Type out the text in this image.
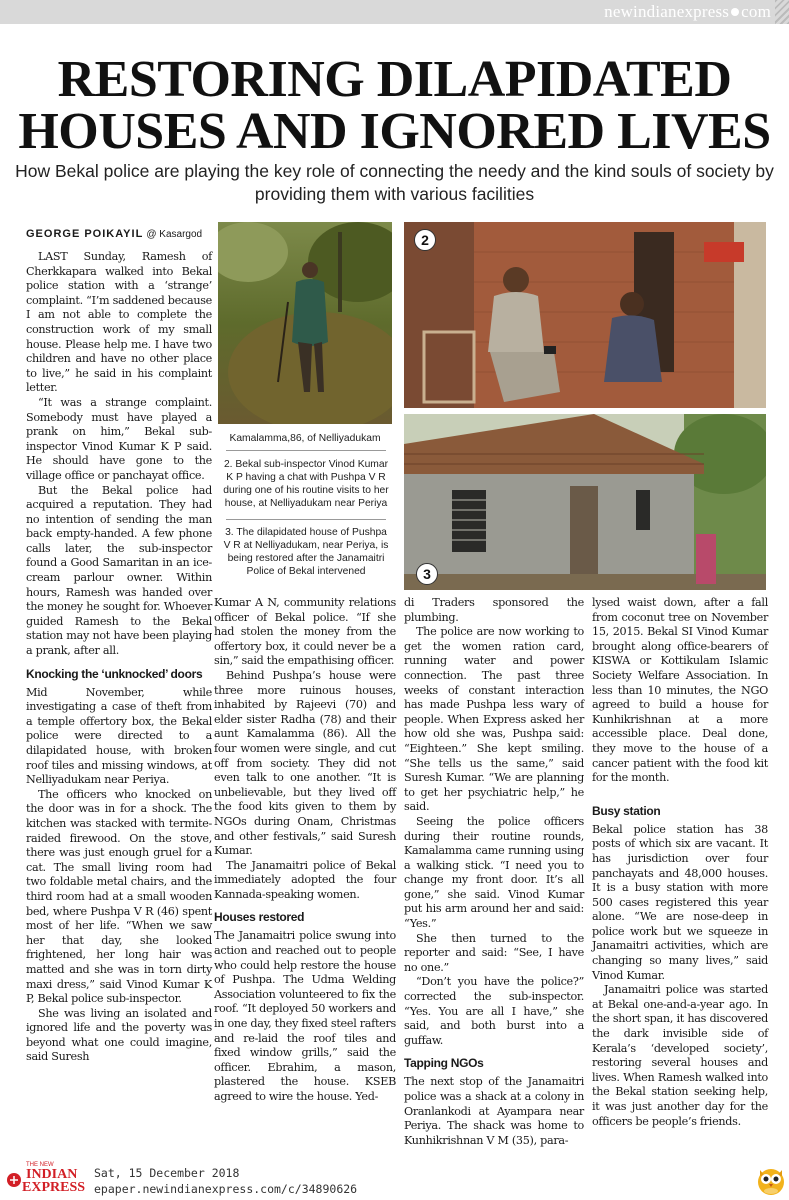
newindianexpress com
RESTORING DILAPIDATED
HOUSES AND IGNORED LIVES
How Bekal police are playing the key role of connecting the needy and the kind souls of society by providing them with various facilities
GEORGE POIKAYIL @ Kasargod

LAST Sunday, Ramesh of Cherkkapara walked into Bekal police station with a ‘strange’ complaint. “I’m saddened because I am not able to complete the construction work of my small house. Please help me. I have two children and have no other place to live,” he said in his complaint letter.

“It was a strange complaint. Somebody must have played a prank on him,” Bekal sub-inspector Vinod Kumar K P said. He should have gone to the village office or panchayat office.

But the Bekal police had acquired a reputation. They had no intention of sending the man back empty-handed. A few phone calls later, the sub-inspector found a Good Samaritan in an ice-cream parlour owner. Within hours, Ramesh was handed over the money he sought for. Whoever guided Ramesh to the Bekal station may not have been playing a prank, after all.

Knocking the ‘unknocked’ doors

Mid November, while investigating a case of theft from a temple offertory box, the Bekal police were directed to a dilapidated house, with broken roof tiles and missing windows, at Nelliyadukam near Periya.

The officers who knocked on the door was in for a shock. The kitchen was stacked with termite-raided firewood. On the stove, there was just enough gruel for a cat. The small living room had two foldable metal chairs, and the third room had at a small wooden bed, where Pushpa V R (46) spent most of her life. “When we saw her that day, she looked frightened, her long hair was matted and she was in torn dirty maxi dress,” said Vinod Kumar K P, Bekal police sub-inspector.

She was living an isolated and ignored life and the poverty was beyond what one could imagine, said Suresh

Kamalamma,86, of Nelliyadukam
2. Bekal sub-inspector Vinod Kumar K P having a chat with Pushpa V R during one of his routine visits to her house, at Nelliyadukam near Periya
3. The dilapidated house of Pushpa V R at Nelliyadukam, near Periya, is being restored after the Janamaitri Police of Bekal intervened
2
3

Kumar A N, community relations officer of Bekal police. “If she had stolen the money from the offertory box, it could never be a sin,” said the empathising officer.

Behind Pushpa’s house were three more ruinous houses, inhabited by Rajeevi (70) and elder sister Radha (78) and their aunt Kamalamma (86). All the four women were single, and cut off from society. They did not even talk to one another. “It is unbelievable, but they lived off the food kits given to them by NGOs during Onam, Christmas and other festivals,” said Suresh Kumar.

The Janamaitri police of Bekal immediately adopted the four Kannada-speaking women.

Houses restored

The Janamaitri police swung into action and reached out to people who could help restore the house of Pushpa. The Udma Welding Association volunteered to fix the roof. “It deployed 50 workers and in one day, they fixed steel rafters and re-laid the roof tiles and fixed window grills,” said the officer. Ebrahim, a mason, plastered the house. KSEB agreed to wire the house. Yed-

di Traders sponsored the plumbing.

The police are now working to get the women ration card, running water and power connection. The past three weeks of constant interaction has made Pushpa less wary of people. When Express asked her how old she was, Pushpa said: “Eighteen.” She kept smiling. “She tells us the same,” said Suresh Kumar. “We are planning to get her psychiatric help,” he said.

Seeing the police officers during their routine rounds, Kamalamma came running using a walking stick. “I need you to change my front door. It’s all gone,” she said. Vinod Kumar put his arm around her and said: “Yes.”

She then turned to the reporter and said: “See, I have no one.”

“Don’t you have the police?” corrected the sub-inspector. “Yes. You are all I have,” she said, and both burst into a guffaw.

Tapping NGOs

The next stop of the Janamaitri police was a shack at a colony in Oranlankodi at Ayampara near Periya. The shack was home to Kunhikrishnan V M (35), para-

lysed waist down, after a fall from coconut tree on November 15, 2015. Bekal SI Vinod Kumar brought along office-bearers of KISWA or Kottikulam Islamic Society Welfare Association. In less than 10 minutes, the NGO agreed to build a house for Kunhikrishnan at a more accessible place. Deal done, they move to the house of a cancer patient with the food kit for the month.

Busy station

Bekal police station has 38 posts of which six are vacant. It has jurisdiction over four panchayats and 48,000 houses. It is a busy station with more 500 cases registered this year alone. “We are nose-deep in police work but we squeeze in Janamaitri activities, which are changing so many lives,” said Vinod Kumar.

Janamaitri police was started at Bekal one-and-a-year ago. In the short span, it has discovered the dark invisible side of Kerala’s ‘developed society’, restoring several houses and lives. When Ramesh walked into the Bekal station seeking help, it was just another day for the officers be people’s friends.

THE NEW
INDIAN
EXPRESS
Sat, 15 December 2018
epaper.newindianexpress.com/c/34890626
